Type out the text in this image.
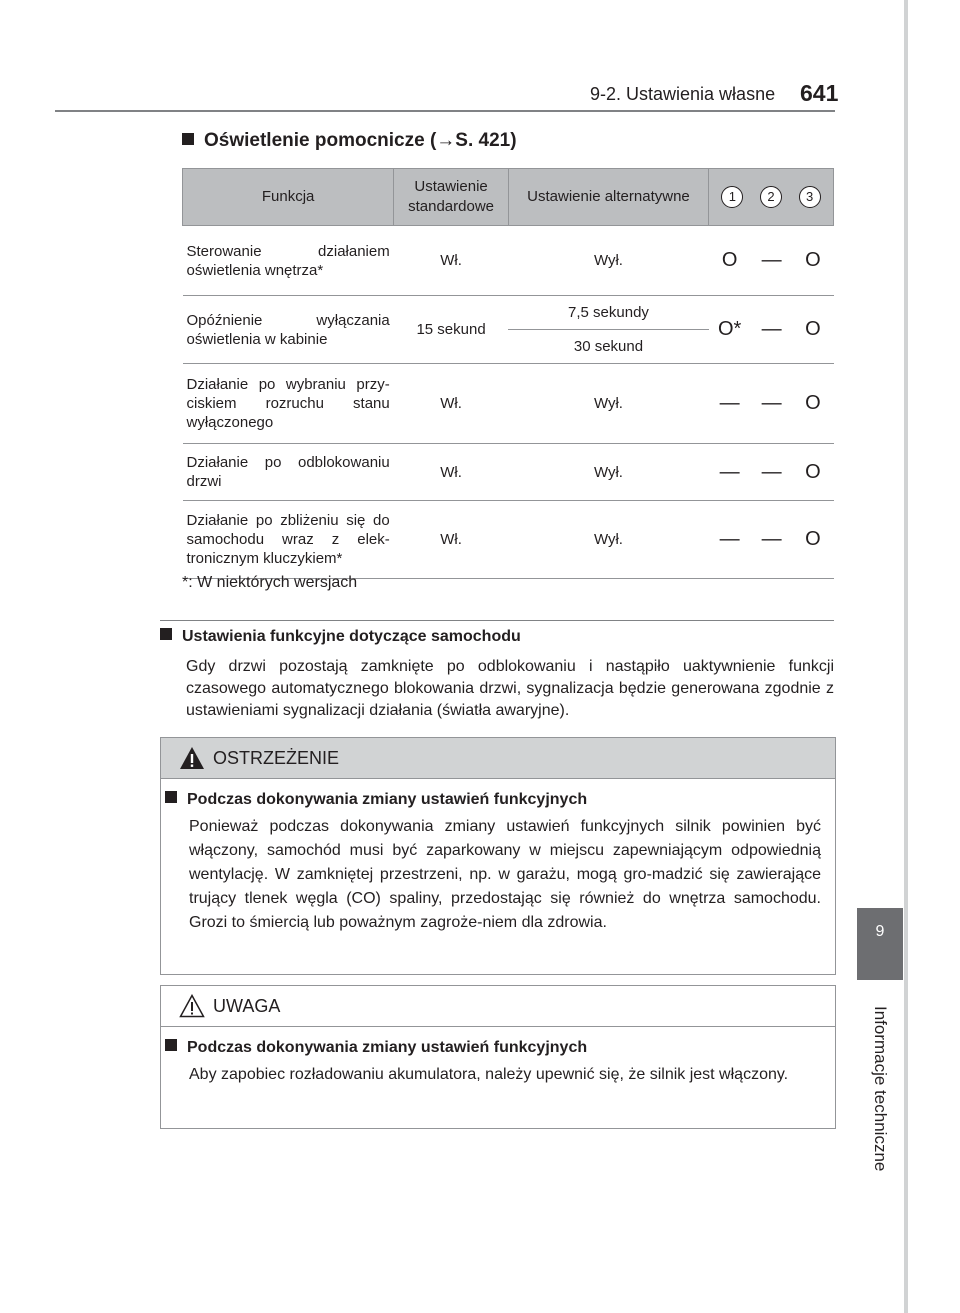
9-2. Ustawienia własne 641
9
Informacje techniczne
Oświetlenie pomocnicze (→S. 421)
Funkcja	Ustawienie standardowe	Ustawienie alternatywne	1 2 3		

Sterowanie działaniem oświetlenia wnętrza*	Wł.	Wył.	O	—	O
Opóźnienie wyłączania oświetlenia w kabinie	15 sekund	7,5 sekundy	O*	—	O
		30 sekund			
Działanie po wybraniu przy-ciskiem rozruchu stanu wyłączonego	Wł.	Wył.	—	—	O
Działanie po odblokowaniu drzwi	Wł.	Wył.	—	—	O
Działanie po zbliżeniu się do samochodu wraz z elek-tronicznym kluczykiem*	Wł.	Wył.	—	—	O
*: W niektórych wersjach
Ustawienia funkcyjne dotyczące samochodu
Gdy drzwi pozostają zamknięte po odblokowaniu i nastąpiło uaktywnienie funkcji czasowego automatycznego blokowania drzwi, sygnalizacja będzie generowana zgodnie z ustawieniami sygnalizacji działania (światła awaryjne).
OSTRZEŻENIE
Podczas dokonywania zmiany ustawień funkcyjnych
Ponieważ podczas dokonywania zmiany ustawień funkcyjnych silnik powinien być włączony, samochód musi być zaparkowany w miejscu zapewniającym odpowiednią wentylację. W zamkniętej przestrzeni, np. w garażu, mogą gro-madzić się zawierające trujący tlenek węgla (CO) spaliny, przedostając się również do wnętrza samochodu. Grozi to śmiercią lub poważnym zagroże-niem dla zdrowia.
UWAGA
Podczas dokonywania zmiany ustawień funkcyjnych
Aby zapobiec rozładowaniu akumulatora, należy upewnić się, że silnik jest włączony.
